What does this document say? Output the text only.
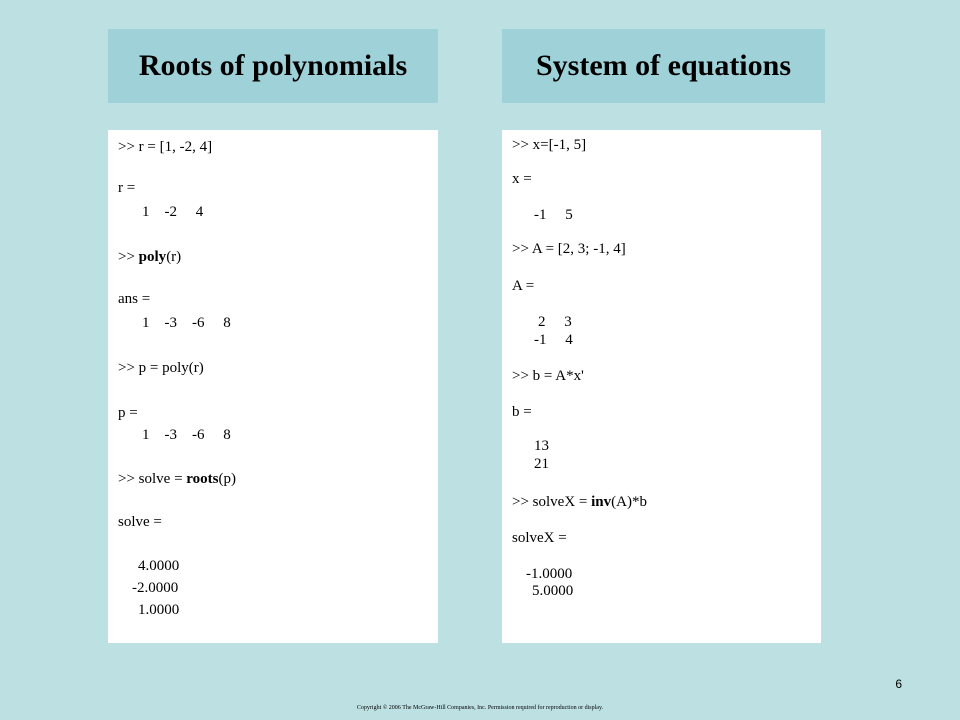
Roots of polynomials	System of equations
>> r = [1, -2, 4]
r =
1    -2     4
>> poly(r)
ans =
1    -3    -6     8
>> p = poly(r)
p =
1    -3    -6     8
>> solve = roots(p)
solve =
4.0000
-2.0000
1.0000
>> x=[-1, 5]
x =
-1     5
>> A = [2, 3; -1, 4]
A =
2     3
-1     4
>> b = A*x'
b =
13
21
>> solveX = inv(A)*b
solveX =
-1.0000
5.0000
6
Copyright © 2006 The McGraw-Hill Companies, Inc. Permission required for reproduction or display.
